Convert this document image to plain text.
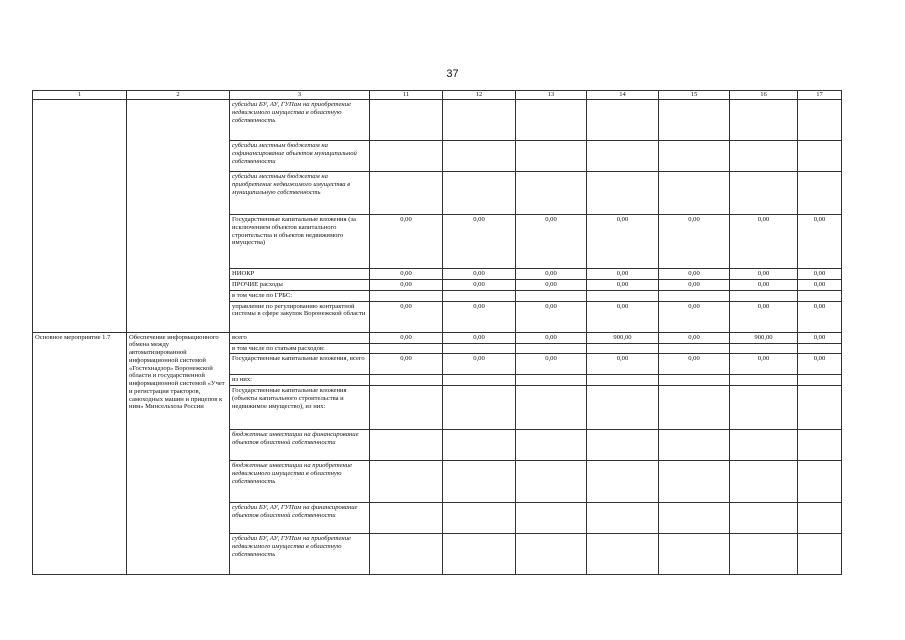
37
1	2	3	11	12	13	14	15	16	17
		субсидии БУ, АУ, ГУПам на приобретение недвижимого имущества в областную собственность							
		субсидии местным бюджетам на софинансирование объектов муниципальной собственности							
		субсидии местным бюджетам на приобретение недвижимого имущества в муниципальную собственность							
		Государственные капитальные вложения (за исключением объектов капитального строительства и объектов недвижимого имущества)	0,00	0,00	0,00	0,00	0,00	0,00	0,00
		НИОКР	0,00	0,00	0,00	0,00	0,00	0,00	0,00
		ПРОЧИЕ расходы	0,00	0,00	0,00	0,00	0,00	0,00	0,00
		в том числе по ГРБС:							
		управление по регулированию контрактной системы в сфере закупок Воронежской области	0,00	0,00	0,00	0,00	0,00	0,00	0,00
Основное мероприятие 1.7	Обеспечение информационного обмена между автоматизированной информационной системой «Гостехнадзор» Воронежской области и государственной информационной системой «Учет и регистрация тракторов, самоходных машин и прицепов к ним» Минсельхоза России	всего	0,00	0,00	0,00	900,00	0,00	900,00	0,00
		в том числе по статьям расходов:							
		Государственные капитальные вложения, всего	0,00	0,00	0,00	0,00	0,00	0,00	0,00
		из них:							
		Государственные капитальные вложения (объекты капитального строительства и недвижимое имущество), из них:							
		бюджетные инвестиции на финансирование объектов областной собственности							
		бюджетные инвестиции на приобретение недвижимого имущества в областную собственность							
		субсидии БУ, АУ, ГУПам на финансирование объектов областной собственности							
		субсидии БУ, АУ, ГУПам на приобретение недвижимого имущества в областную собственность							
